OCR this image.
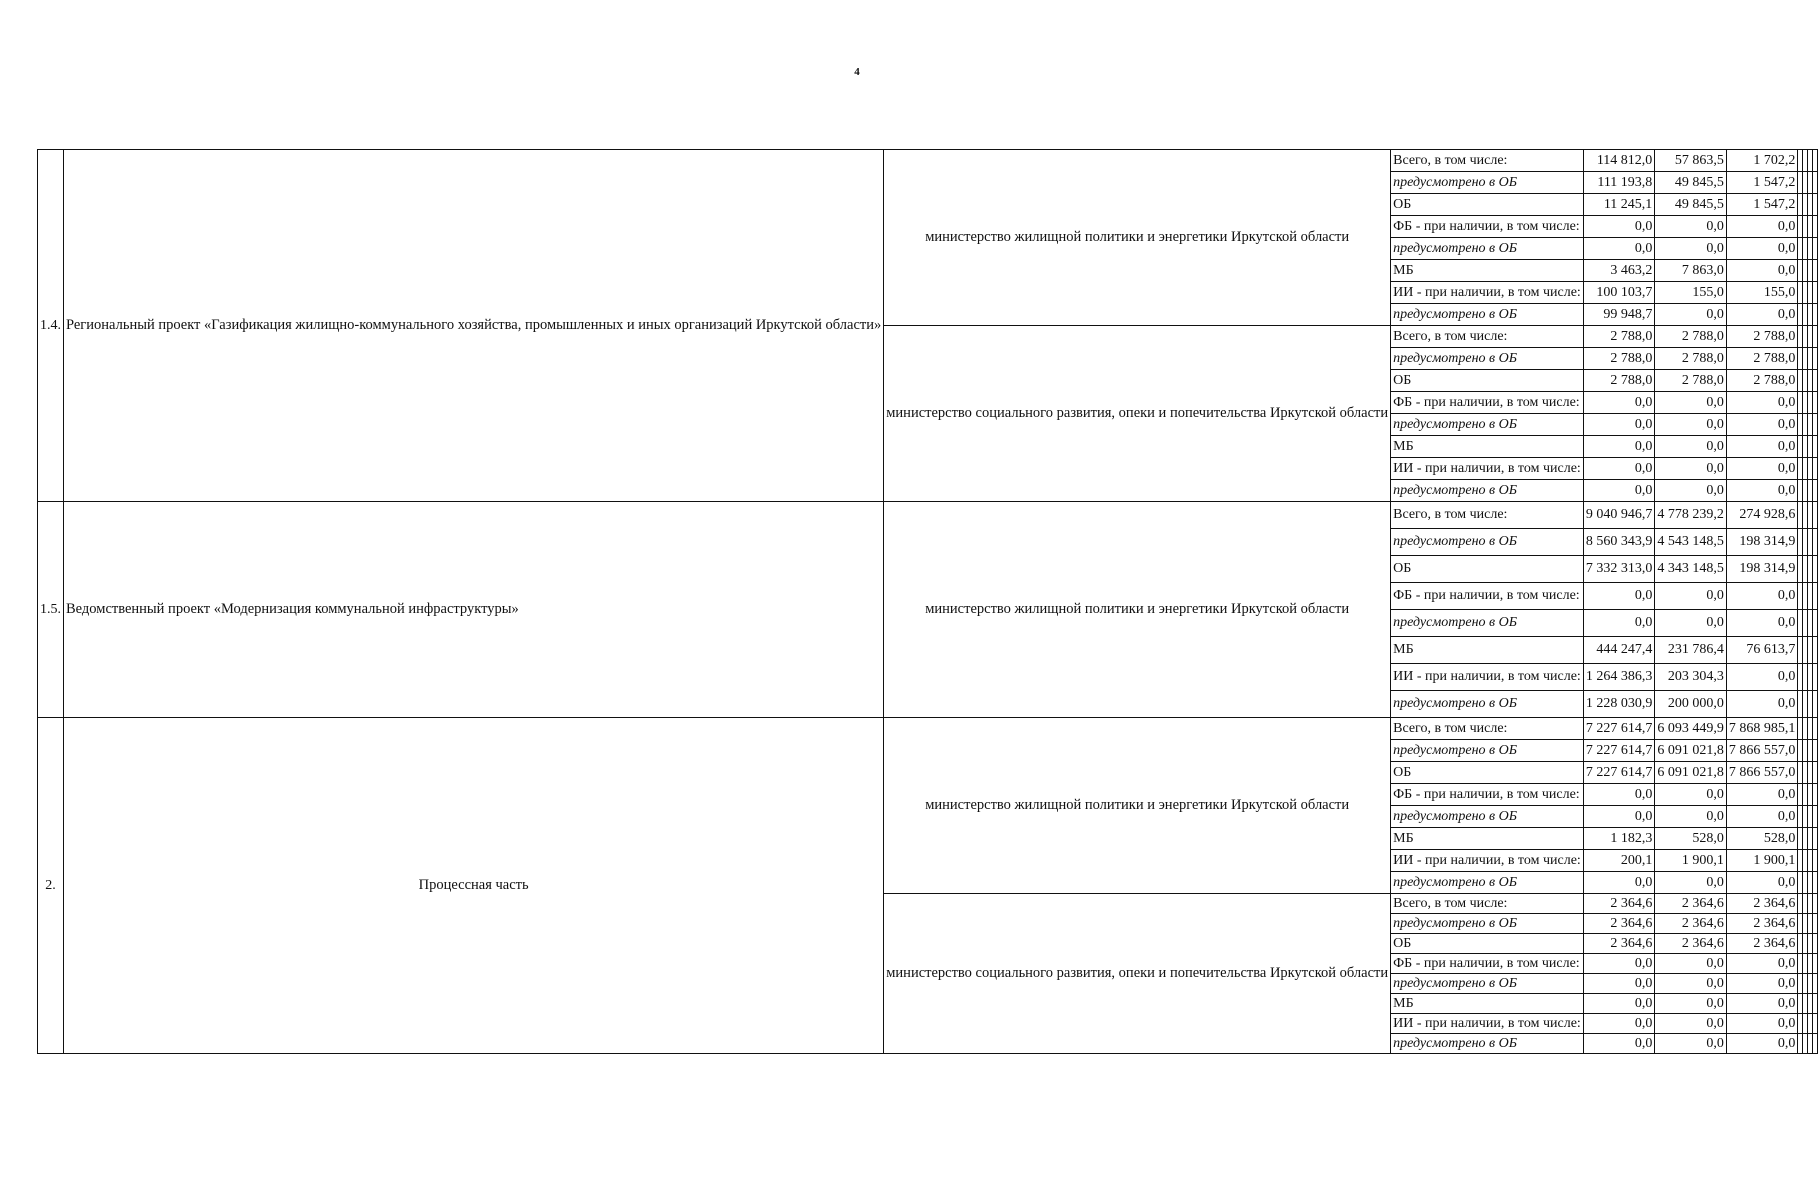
4
1.4.	Региональный проект «Газификация жилищно-коммунального хозяйства, промышленных и иных организаций Иркутской области»	министерство жилищной политики и энергетики Иркутской области	Всего, в том числе:	114 812,0	57 863,5	1 702,2				
			предусмотрено в ОБ	111 193,8	49 845,5	1 547,2				
			ОБ	11 245,1	49 845,5	1 547,2				
			ФБ - при наличии, в том числе:	0,0	0,0	0,0				
			предусмотрено в ОБ	0,0	0,0	0,0				
			МБ	3 463,2	7 863,0	0,0				
			ИИ - при наличии, в том числе:	100 103,7	155,0	155,0				
			предусмотрено в ОБ	99 948,7	0,0	0,0				
		министерство социального развития, опеки и попечительства Иркутской области	Всего, в том числе:	2 788,0	2 788,0	2 788,0				
			предусмотрено в ОБ	2 788,0	2 788,0	2 788,0				
			ОБ	2 788,0	2 788,0	2 788,0				
			ФБ - при наличии, в том числе:	0,0	0,0	0,0				
			предусмотрено в ОБ	0,0	0,0	0,0				
			МБ	0,0	0,0	0,0				
			ИИ - при наличии, в том числе:	0,0	0,0	0,0				
			предусмотрено в ОБ	0,0	0,0	0,0				
1.5.	Ведомственный проект «Модернизация коммунальной инфраструктуры»	министерство жилищной политики и энергетики Иркутской области	Всего, в том числе:	9 040 946,7	4 778 239,2	274 928,6				
			предусмотрено в ОБ	8 560 343,9	4 543 148,5	198 314,9				
			ОБ	7 332 313,0	4 343 148,5	198 314,9				
			ФБ - при наличии, в том числе:	0,0	0,0	0,0				
			предусмотрено в ОБ	0,0	0,0	0,0				
			МБ	444 247,4	231 786,4	76 613,7				
			ИИ - при наличии, в том числе:	1 264 386,3	203 304,3	0,0				
			предусмотрено в ОБ	1 228 030,9	200 000,0	0,0				
2.	Процессная часть	министерство жилищной политики и энергетики Иркутской области	Всего, в том числе:	7 227 614,7	6 093 449,9	7 868 985,1				
			предусмотрено в ОБ	7 227 614,7	6 091 021,8	7 866 557,0				
			ОБ	7 227 614,7	6 091 021,8	7 866 557,0				
			ФБ - при наличии, в том числе:	0,0	0,0	0,0				
			предусмотрено в ОБ	0,0	0,0	0,0				
			МБ	1 182,3	528,0	528,0				
			ИИ - при наличии, в том числе:	200,1	1 900,1	1 900,1				
			предусмотрено в ОБ	0,0	0,0	0,0				
		министерство социального развития, опеки и попечительства Иркутской области	Всего, в том числе:	2 364,6	2 364,6	2 364,6				
			предусмотрено в ОБ	2 364,6	2 364,6	2 364,6				
			ОБ	2 364,6	2 364,6	2 364,6				
			ФБ - при наличии, в том числе:	0,0	0,0	0,0				
			предусмотрено в ОБ	0,0	0,0	0,0				
			МБ	0,0	0,0	0,0				
			ИИ - при наличии, в том числе:	0,0	0,0	0,0				
			предусмотрено в ОБ	0,0	0,0	0,0				
